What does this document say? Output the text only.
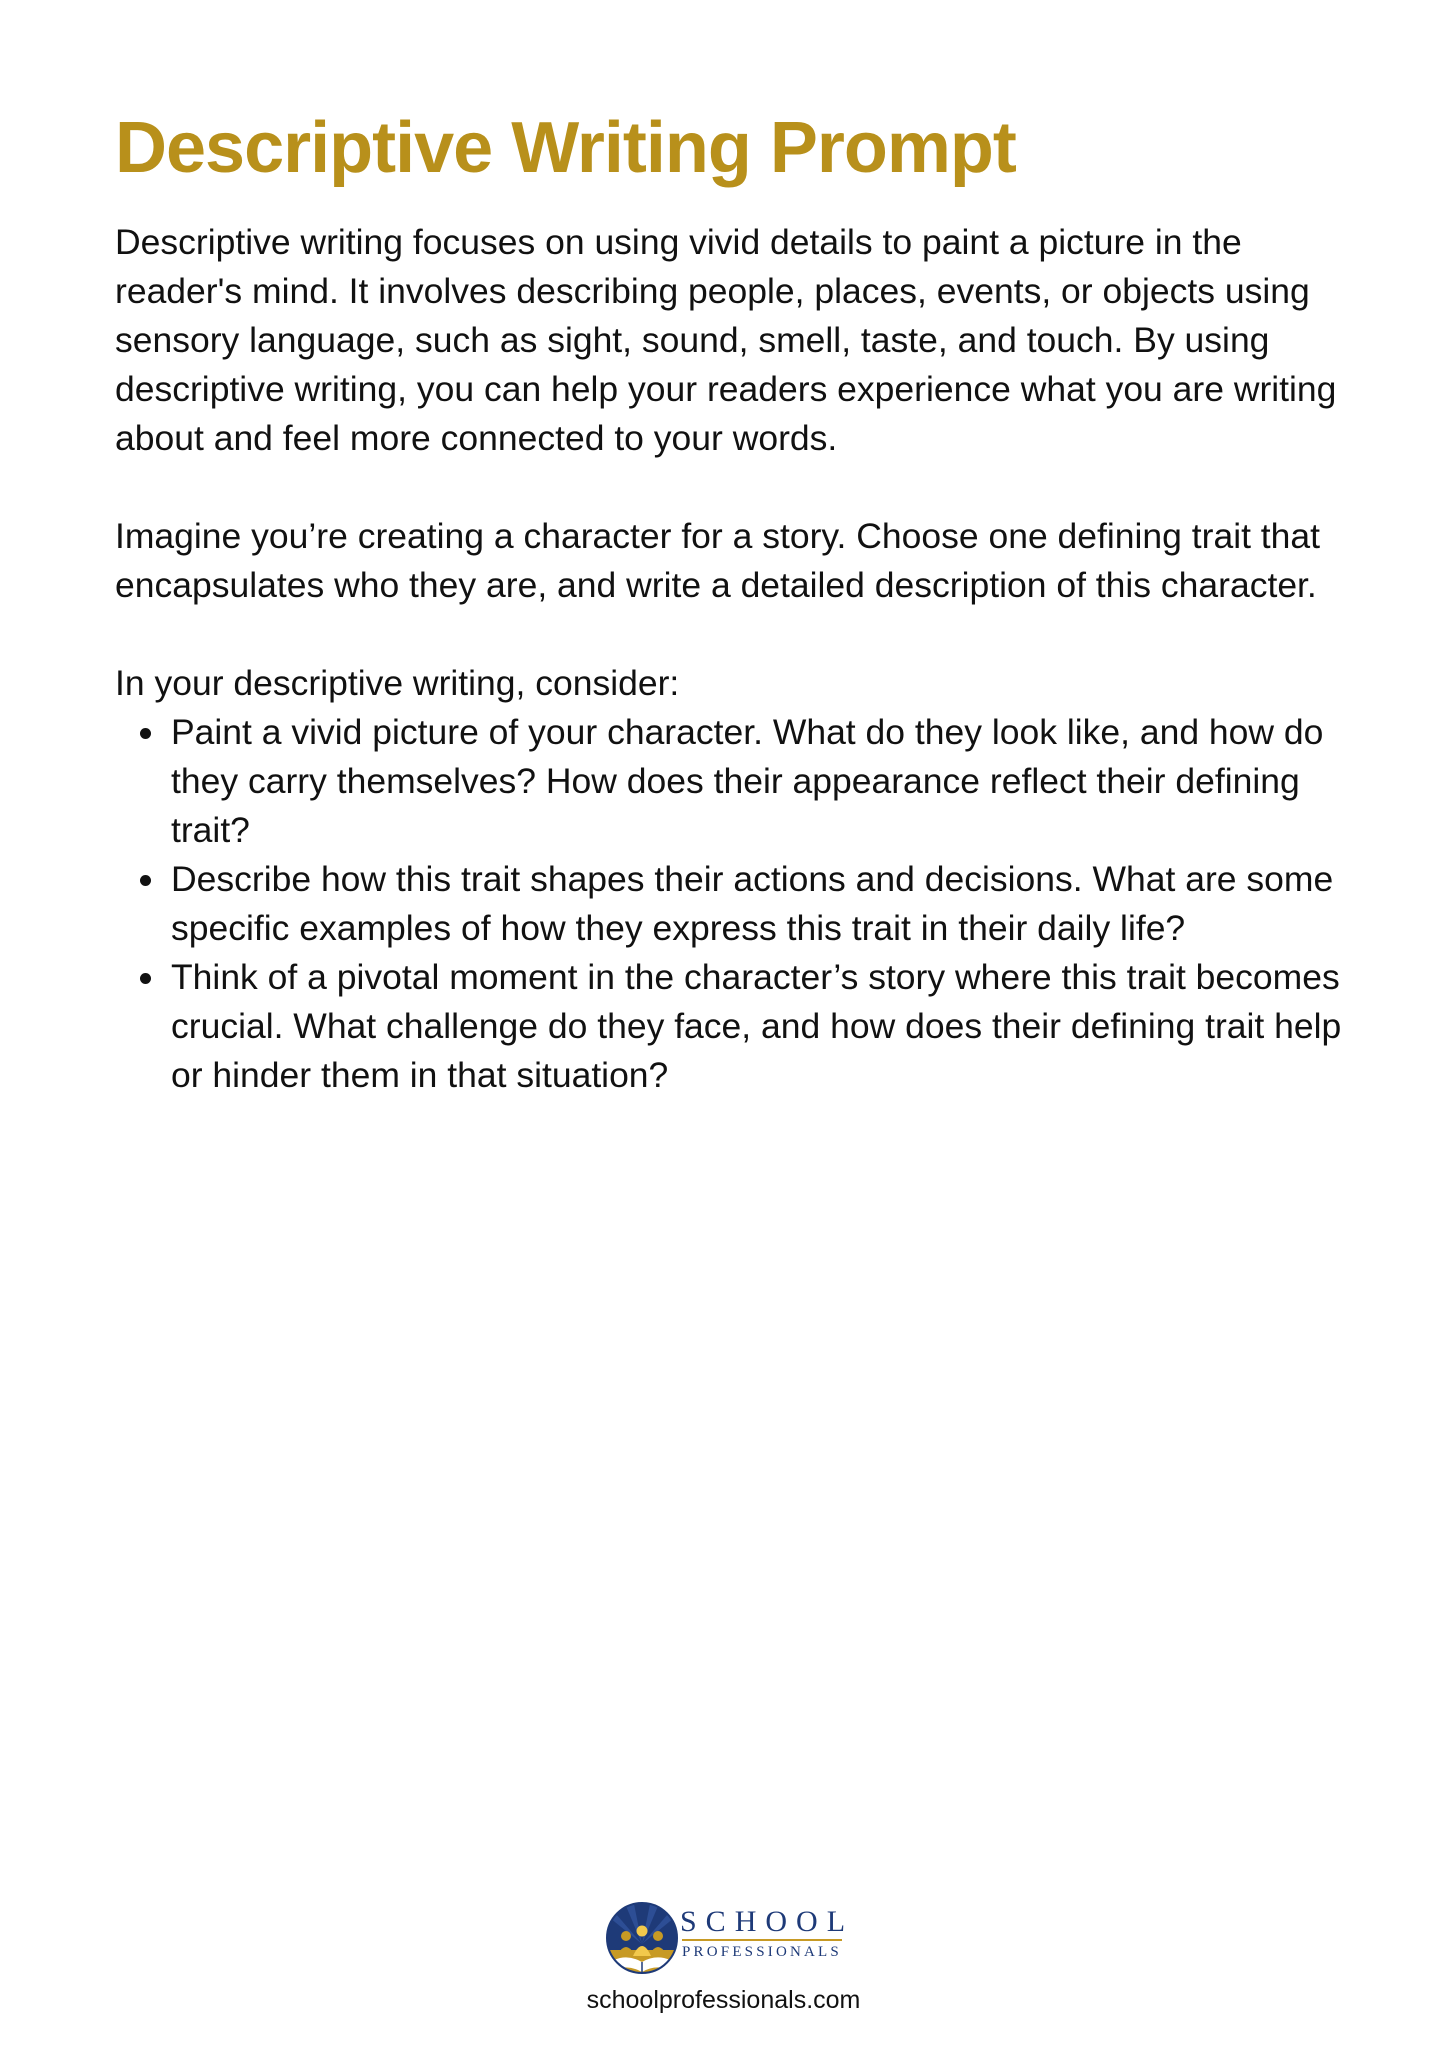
Descriptive Writing Prompt

Descriptive writing focuses on using vivid details to paint a picture in the reader's mind. It involves describing people, places, events, or objects using sensory language, such as sight, sound, smell, taste, and touch. By using descriptive writing, you can help your readers experience what you are writing about and feel more connected to your words.

Imagine you’re creating a character for a story. Choose one defining trait that encapsulates who they are, and write a detailed description of this character.

In your descriptive writing, consider:

Paint a vivid picture of your character. What do they look like, and how do they carry themselves? How does their appearance reflect their defining trait?
Describe how this trait shapes their actions and decisions. What are some specific examples of how they express this trait in their daily life?
Think of a pivotal moment in the character’s story where this trait becomes crucial. What challenge do they face, and how does their defining trait help or hinder them in that situation?
SCHOOL
PROFESSIONALS
schoolprofessionals.com
